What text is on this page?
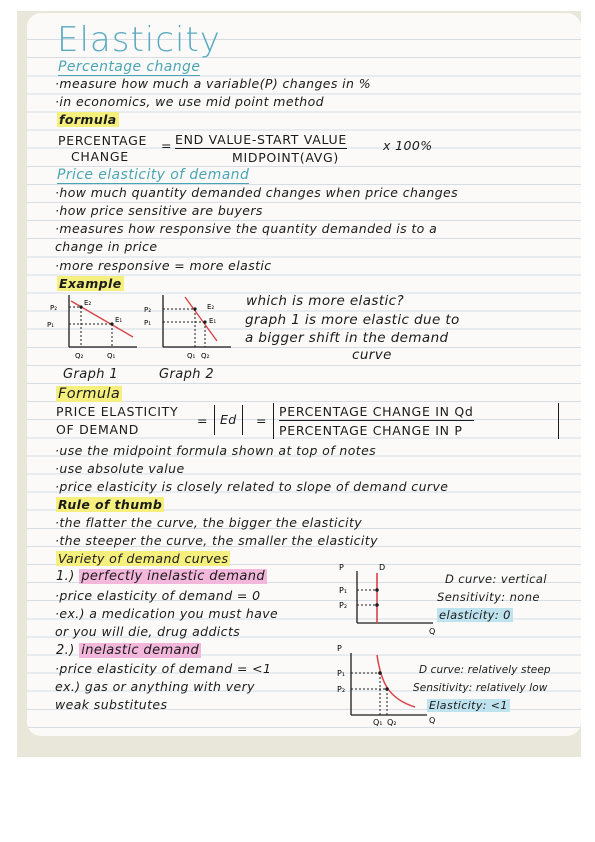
Elasticity
Percentage change
·measure how much a variable(P) changes in %
·in economics, we use mid point method
formula
PERCENTAGE
CHANGE
= END VALUE-START VALUE
MIDPOINT(AVG)
x 100%
Price elasticity of demand
·how much quantity demanded changes when price changes
·how price sensitive are buyers
·measures how responsive the quantity demanded is to a
change in price
·more responsive = more elastic
Example
P₂
P₁
E₂
E₁
Q₂	Q₁
Graph 1
P₂
P₁
E₂
E₁
Q₁ Q₂
Graph 2
which is more elastic?
graph 1 is more elastic due to
a bigger shift in the demand
curve
Formula
PRICE ELASTICITY
OF DEMAND
= Ed	=
PERCENTAGE CHANGE IN Qd
PERCENTAGE CHANGE IN P
·use the midpoint formula shown at top of notes
·use absolute value
·price elasticity is closely related to slope of demand curve
Rule of thumb
·the flatter the curve, the bigger the elasticity
·the steeper the curve, the smaller the elasticity
Variety of demand curves
1.) perfectly inelastic demand
·price elasticity of demand = 0
·ex.) a medication you must have
or you will die, drug addicts
P	D
P₁
P₂
Q
D curve: vertical
Sensitivity: none
elasticity: 0
2.) inelastic demand
·price elasticity of demand = <1
ex.) gas or anything with very
weak substitutes
P
P₁
P₂
Q₁ Q₂	Q
D curve: relatively steep
Sensitivity: relatively low
Elasticity: <1
